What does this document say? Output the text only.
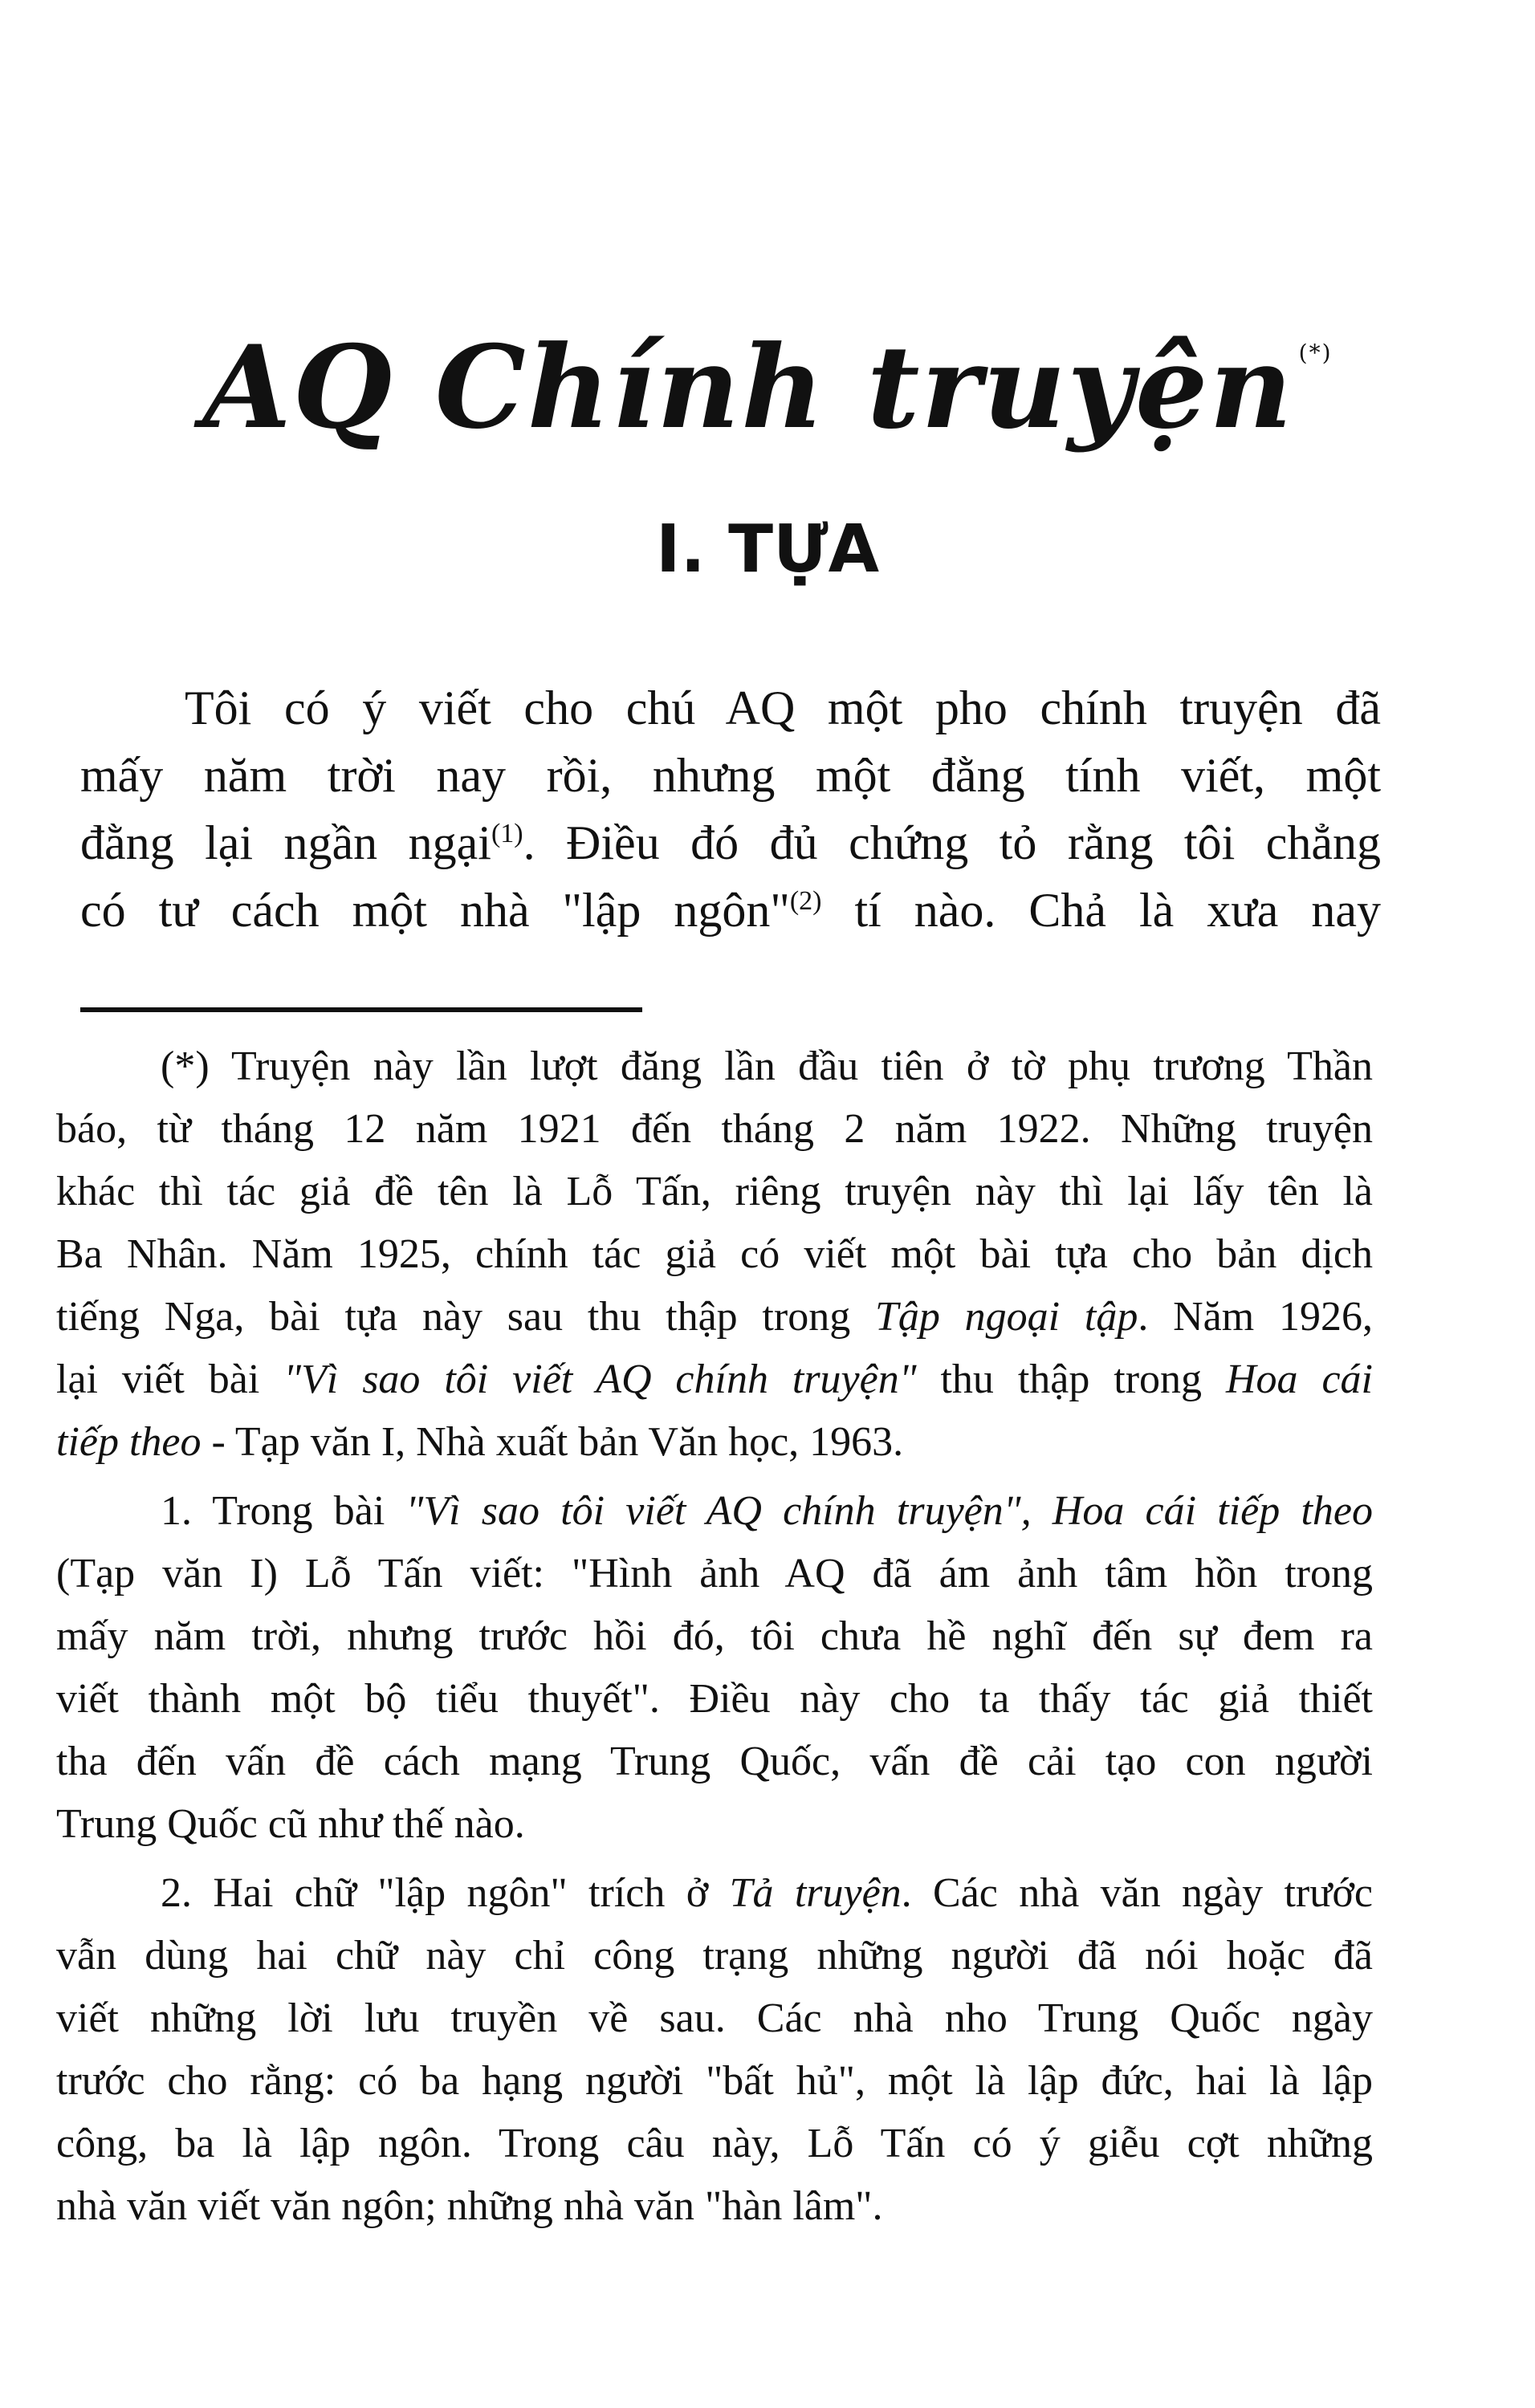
AQ Chính truyện (*)
I. TỰA
Tôi có ý viết cho chú AQ một pho chính truyện đã
mấy năm trời nay rồi, nhưng một đằng tính viết, một
đằng lại ngần ngại$^{(1)}$. Điều đó đủ chứng tỏ rằng tôi chẳng
có tư cách một nhà "lập ngôn"$^{(2)}$ tí nào. Chả là xưa nay
(*) Truyện này lần lượt đăng lần đầu tiên ở tờ phụ trương Thần
báo, từ tháng 12 năm 1921 đến tháng 2 năm 1922. Những truyện
khác thì tác giả đề tên là Lỗ Tấn, riêng truyện này thì lại lấy tên là
Ba Nhân. Năm 1925, chính tác giả có viết một bài tựa cho bản dịch
tiếng Nga, bài tựa này sau thu thập trong Tập ngoại tập. Năm 1926,
lại viết bài "Vì sao tôi viết AQ chính truyện" thu thập trong Hoa cái
tiếp theo - Tạp văn I, Nhà xuất bản Văn học, 1963.
1. Trong bài "Vì sao tôi viết AQ chính truyện", Hoa cái tiếp theo
(Tạp văn I) Lỗ Tấn viết: "Hình ảnh AQ đã ám ảnh tâm hồn trong
mấy năm trời, nhưng trước hồi đó, tôi chưa hề nghĩ đến sự đem ra
viết thành một bộ tiểu thuyết". Điều này cho ta thấy tác giả thiết
tha đến vấn đề cách mạng Trung Quốc, vấn đề cải tạo con người
Trung Quốc cũ như thế nào.
2. Hai chữ "lập ngôn" trích ở Tả truyện. Các nhà văn ngày trước
vẫn dùng hai chữ này chỉ công trạng những người đã nói hoặc đã
viết những lời lưu truyền về sau. Các nhà nho Trung Quốc ngày
trước cho rằng: có ba hạng người "bất hủ", một là lập đức, hai là lập
công, ba là lập ngôn. Trong câu này, Lỗ Tấn có ý giễu cợt những
nhà văn viết văn ngôn; những nhà văn "hàn lâm".
